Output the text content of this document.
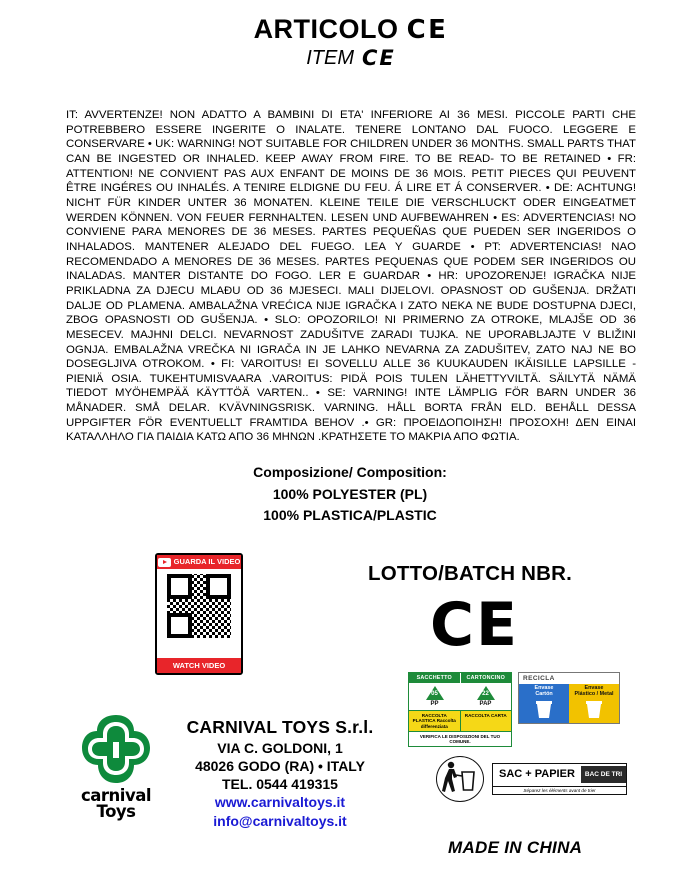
ARTICOLO C E
ITEM C E
IT: AVVERTENZE! NON ADATTO A BAMBINI DI ETA' INFERIORE AI 36 MESI. PICCOLE PARTI CHE POTREBBERO ESSERE INGERITE O INALATE. TENERE LONTANO DAL FUOCO. LEGGERE E CONSERVARE • UK: WARNING! NOT SUITABLE FOR CHILDREN UNDER 36 MONTHS. SMALL PARTS THAT CAN BE INGESTED OR INHALED. KEEP AWAY FROM FIRE. TO BE READ- TO BE RETAINED • FR: ATTENTION! NE CONVIENT PAS AUX ENFANT DE MOINS DE 36 MOIS. PETIT PIECES QUI PEUVENT ÊTRE INGÉRES OU INHALÉS. A TENIRE ELDIGNE DU FEU. Á LIRE ET Á CONSERVER. • DE: ACHTUNG! NICHT FÜR KINDER UNTER 36 MONATEN. KLEINE TEILE DIE VERSCHLUCKT ODER EINGEATMET WERDEN KÖNNEN. VON FEUER FERNHALTEN. LESEN UND AUFBEWAHREN • ES: ADVERTENCIAS! NO CONVIENE PARA MENORES DE 36 MESES. PARTES PEQUEÑAS QUE PUEDEN SER INGERIDOS O INHALADOS. MANTENER ALEJADO DEL FUEGO. LEA Y GUARDE • PT: ADVERTENCIAS! NAO RECOMENDADO A MENORES DE 36 MESES. PARTES PEQUENAS QUE PODEM SER INGERIDOS OU INALADAS. MANTER DISTANTE DO FOGO. LER E GUARDAR • HR: UPOZORENJE! IGRAČKA NIJE PRIKLADNA ZA DJECU MLAĐU OD 36 MJESECI. MALI DIJELOVI. OPASNOST OD GUŠENJA. DRŽATI DALJE OD PLAMENA. AMBALAŽNA VREĆICA NIJE IGRAČKA I ZATO NEKA NE BUDE DOSTUPNA DJECI, ZBOG OPASNOSTI OD GUŠENJA. • SLO: OPOZORILO! NI PRIMERNO ZA OTROKE, MLAJŠE OD 36 MESECEV. MAJHNI DELCI. NEVARNOST ZADUŠITVE ZARADI TUJKA. NE UPORABLJAJTE V BLIŽINI OGNJA. EMBALAŽNA VREČKA NI IGRAČA IN JE LAHKO NEVARNA ZA ZADUŠITEV, ZATO NAJ NE BO DOSEGLJIVA OTROKOM. • FI: VAROITUS! EI SOVELLU ALLE 36 KUUKAUDEN IKÄISILLE LAPSILLE - PIENIÄ OSIA. TUKEHTUMISVAARA .VAROITUS: PIDÄ POIS TULEN LÄHETTYVILTÄ. SÄILYTÄ NÄMÄ TIEDOT MYÖHEMPÄÄ KÄYTTÖÄ VARTEN.. • SE: VARNING! INTE LÄMPLIG FÖR BARN UNDER 36 MÅNADER. SMÅ DELAR. KVÄVNINGSRISK. VARNING. HÅLL BORTA FRÅN ELD. BEHÅLL DESSA UPPGIFTER FÖR EVENTUELLT FRAMTIDA BEHOV .• GR: ΠΡΟΕΙΔΟΠΟΙΗΣΗ! ΠΡΟΣΟΧΗ! ΔΕΝ ΕΙΝΑΙ ΚΑΤΑΛΛΗΛΟ ΓΙΑ ΠΑΙΔΙΑ ΚΑΤΩ ΑΠΟ 36 ΜΗΝΩΝ .ΚΡΑΤΗΣΕΤΕ ΤΟ ΜΑΚΡΙΑ ΑΠΟ ΦΩΤΙΑ.
Composizione/ Composition:
100% POLYESTER (PL)
100% PLASTICA/PLASTIC
GUARDA IL VIDEO
WATCH VIDEO
LOTTO/BATCH NBR.
C E
carnival Toys
CARNIVAL TOYS S.r.l.
VIA C. GOLDONI, 1
48026 GODO (RA) • ITALY
TEL. 0544 419315
www.carnivaltoys.it
info@carnivaltoys.it
SACCHETTO	CARTONCINO
05
PP
22
PAP
RACCOLTA PLASTICA Raccolta differenziata
RACCOLTA CARTA
VERIFICA LE DISPOSIZIONI DEL TUO COMUNE.
RECICLA
Envase
Cartón
Envase
Plástico / Metal
SAC + PAPIER	BAC DE TRI
Séparez les éléments avant de trier
MADE IN CHINA
